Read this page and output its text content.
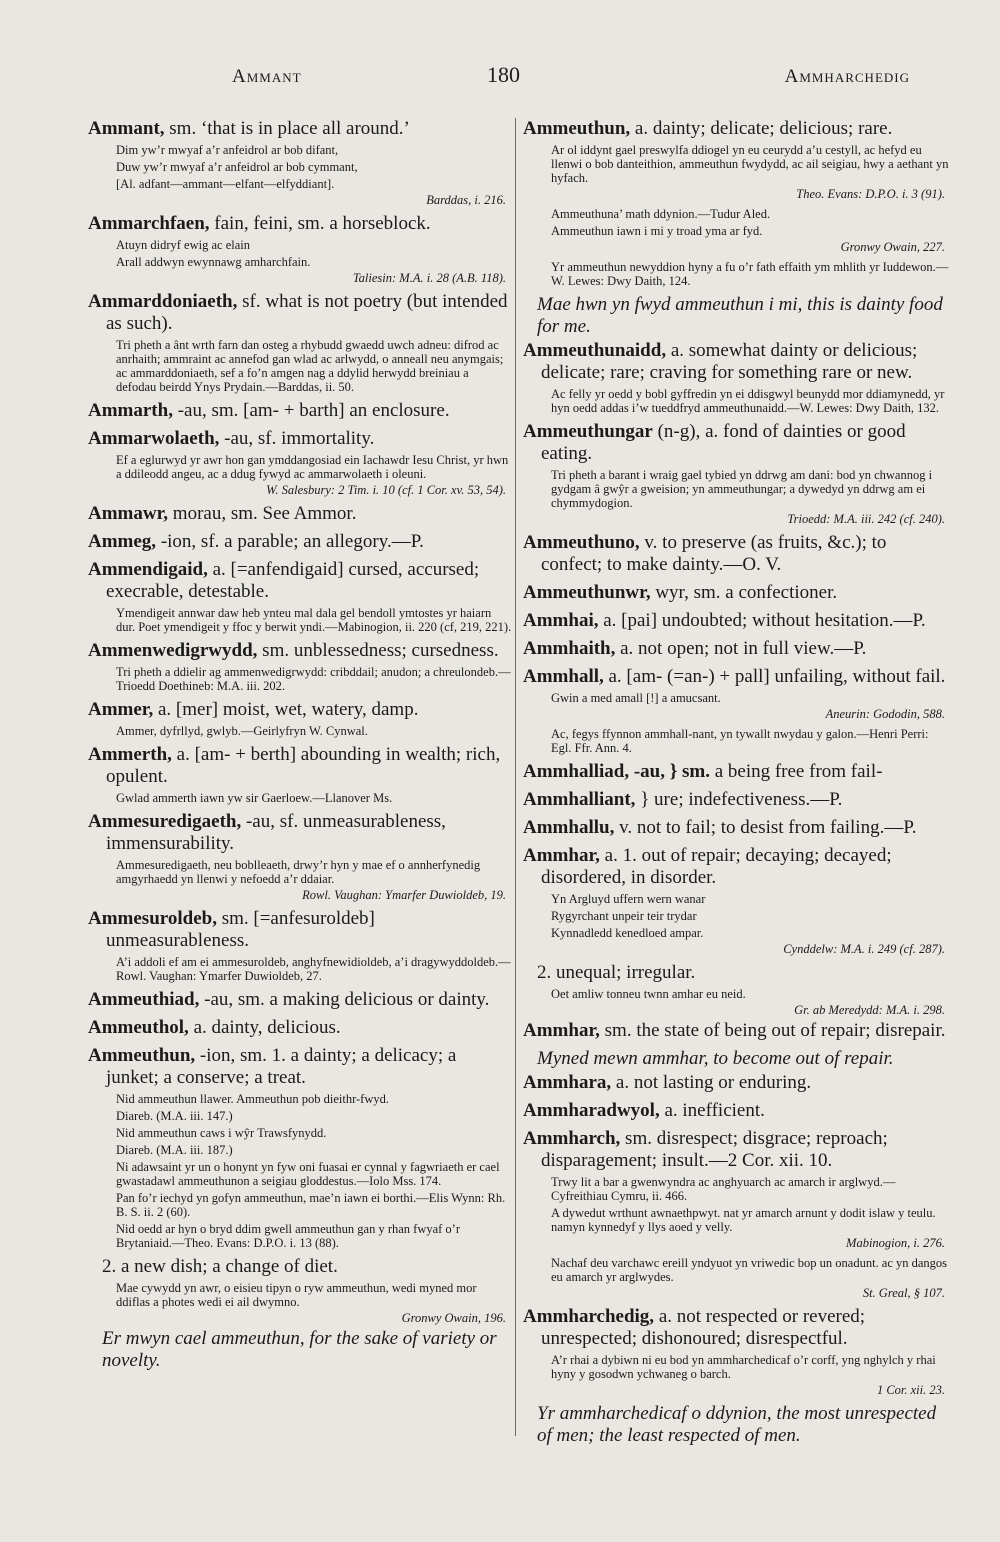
Ammant	180	Ammharchedig

Ammant, sm. ‘that is in place all around.’

Dim yw’r mwyaf a’r anfeidrol ar bob difant,

Duw yw’r mwyaf a’r anfeidrol ar bob cymmant,

[Al. adfant—ammant—elfant—elfyddiant].

Barddas, i. 216.

Ammarchfaen, fain, feini, sm. a horseblock.

Atuyn didryf ewig ac elain

Arall addwyn ewynnawg amharchfain.

Taliesin: M.A. i. 28 (A.B. 118).

Ammarddoniaeth, sf. what is not poetry (but intended as such).

Tri pheth a ânt wrth farn dan osteg a rhybudd gwaedd uwch adneu: difrod ac anrhaith; ammraint ac annefod gan wlad ac arlwydd, o anneall neu anymgais; ac ammarddoniaeth, sef a fo’n amgen nag a ddylid herwydd breiniau a defodau beirdd Ynys Prydain.—Barddas, ii. 50.

Ammarth, -au, sm. [am- + barth] an enclosure.

Ammarwolaeth, -au, sf. immortality.

Ef a eglurwyd yr awr hon gan ymddangosiad ein Iachawdr Iesu Christ, yr hwn a ddileodd angeu, ac a ddug fywyd ac ammarwolaeth i oleuni.

W. Salesbury: 2 Tim. i. 10 (cf. 1 Cor. xv. 53, 54).

Ammawr, morau, sm. See Ammor.

Ammeg, -ion, sf. a parable; an allegory.—P.

Ammendigaid, a. [=anfendigaid] cursed, accursed; execrable, detestable.

Ymendigeit annwar daw heb ynteu mal dala gel bendoll ymtostes yr haiarn dur. Poet ymendigeit y ffoc y berwit yndi.—Mabinogion, ii. 220 (cf, 219, 221).

Ammenwedigrwydd, sm. unblessedness; cursedness.

Tri pheth a ddielir ag ammenwedigrwydd: cribddail; anudon; a chreulondeb.—Trioedd Doethineb: M.A. iii. 202.

Ammer, a. [mer] moist, wet, watery, damp.

Ammer, dyfrllyd, gwlyb.—Geirlyfryn W. Cynwal.

Ammerth, a. [am- + berth] abounding in wealth; rich, opulent.

Gwlad ammerth iawn yw sir Gaerloew.—Llanover Ms.

Ammesuredigaeth, -au, sf. unmeasurableness, immensurability.

Ammesuredigaeth, neu boblleaeth, drwy’r hyn y mae ef o annherfynedig amgyrhaedd yn llenwi y nefoedd a’r ddaiar.

Rowl. Vaughan: Ymarfer Duwioldeb, 19.

Ammesuroldeb, sm. [=anfesuroldeb] unmeasurableness.

A’i addoli ef am ei ammesuroldeb, anghyfnewidioldeb, a’i dragywyddoldeb.—Rowl. Vaughan: Ymarfer Duwioldeb, 27.

Ammeuthiad, -au, sm. a making delicious or dainty.

Ammeuthol, a. dainty, delicious.

Ammeuthun, -ion, sm. 1. a dainty; a delicacy; a junket; a conserve; a treat.

Nid ammeuthun llawer. Ammeuthun pob dieithr-fwyd.

Diareb. (M.A. iii. 147.)

Nid ammeuthun caws i wŷr Trawsfynydd.

Diareb. (M.A. iii. 187.)

Ni adawsaint yr un o honynt yn fyw oni fuasai er cynnal y fagwriaeth er cael gwastadawl ammeuthunon a seigiau gloddestus.—Iolo Mss. 174.

Pan fo’r iechyd yn gofyn ammeuthun, mae’n iawn ei borthi.—Elis Wynn: Rh. B. S. ii. 2 (60).

Nid oedd ar hyn o bryd ddim gwell ammeuthun gan y rhan fwyaf o’r Brytaniaid.—Theo. Evans: D.P.O. i. 13 (88).

2. a new dish; a change of diet.

Mae cywydd yn awr, o eisieu tipyn o ryw ammeuthun, wedi myned mor ddiflas a photes wedi ei ail dwymno.

Gronwy Owain, 196.

Er mwyn cael ammeuthun, for the sake of variety or novelty.

Ammeuthun, a. dainty; delicate; delicious; rare.

Ar ol iddynt gael preswylfa ddiogel yn eu ceurydd a’u cestyll, ac hefyd eu llenwi o bob danteithion, ammeuthun fwydydd, ac ail seigiau, hwy a aethant yn hyfach.

Theo. Evans: D.P.O. i. 3 (91).

Ammeuthuna’ math ddynion.—Tudur Aled.

Ammeuthun iawn i mi y troad yma ar fyd.

Gronwy Owain, 227.

Yr ammeuthun newyddion hyny a fu o’r fath effaith ym mhlith yr Iuddewon.—W. Lewes: Dwy Daith, 124.

Mae hwn yn fwyd ammeuthun i mi, this is dainty food for me.

Ammeuthunaidd, a. somewhat dainty or delicious; delicate; rare; craving for something rare or new.

Ac felly yr oedd y bobl gyffredin yn ei ddisgwyl beunydd mor ddiamynedd, yr hyn oedd addas i’w tueddfryd ammeuthunaidd.—W. Lewes: Dwy Daith, 132.

Ammeuthungar (n-g), a. fond of dainties or good eating.

Tri pheth a barant i wraig gael tybied yn ddrwg am dani: bod yn chwannog i gydgam â gwŷr a gweision; yn ammeuthungar; a dywedyd yn ddrwg am ei chymmydogion.

Trioedd: M.A. iii. 242 (cf. 240).

Ammeuthuno, v. to preserve (as fruits, &c.); to confect; to make dainty.—O. V.

Ammeuthunwr, wyr, sm. a confectioner.

Ammhai, a. [pai] undoubted; without hesitation.—P.

Ammhaith, a. not open; not in full view.—P.

Ammhall, a. [am- (=an-) + pall] unfailing, without fail.

Gwin a med amall [!] a amucsant.

Aneurin: Gododin, 588.

Ac, fegys ffynnon ammhall-nant, yn tywallt nwydau y galon.—Henri Perri: Egl. Ffr. Ann. 4.

Ammhalliad, -au, } sm. a being free from fail-

Ammhalliant, } ure; indefectiveness.—P.

Ammhallu, v. not to fail; to desist from failing.—P.

Ammhar, a. 1. out of repair; decaying; decayed; disordered, in disorder.

Yn Argluyd uffern wern wanar

Rygyrchant unpeir teir trydar

Kynnadledd kenedloed ampar.

Cynddelw: M.A. i. 249 (cf. 287).

2. unequal; irregular.

Oet amliw tonneu twnn amhar eu neid.

Gr. ab Meredydd: M.A. i. 298.

Ammhar, sm. the state of being out of repair; disrepair.

Myned mewn ammhar, to become out of repair.

Ammhara, a. not lasting or enduring.

Ammharadwyol, a. inefficient.

Ammharch, sm. disrespect; disgrace; reproach; disparagement; insult.—2 Cor. xii. 10.

Trwy lit a bar a gwenwyndra ac anghyuarch ac amarch ir arglwyd.—Cyfreithiau Cymru, ii. 466.

A dywedut wrthunt awnaethpwyt. nat yr amarch arnunt y dodit islaw y teulu. namyn kynnedyf y llys aoed y velly.

Mabinogion, i. 276.

Nachaf deu varchawc ereill yndyuot yn vriwedic bop un onadunt. ac yn dangos eu amarch yr arglwydes.

St. Greal, § 107.

Ammharchedig, a. not respected or revered; unrespected; dishonoured; disrespectful.

A’r rhai a dybiwn ni eu bod yn ammharchedicaf o’r corff, yng nghylch y rhai hyny y gosodwn ychwaneg o barch.

1 Cor. xii. 23.

Yr ammharchedicaf o ddynion, the most unrespected of men; the least respected of men.
